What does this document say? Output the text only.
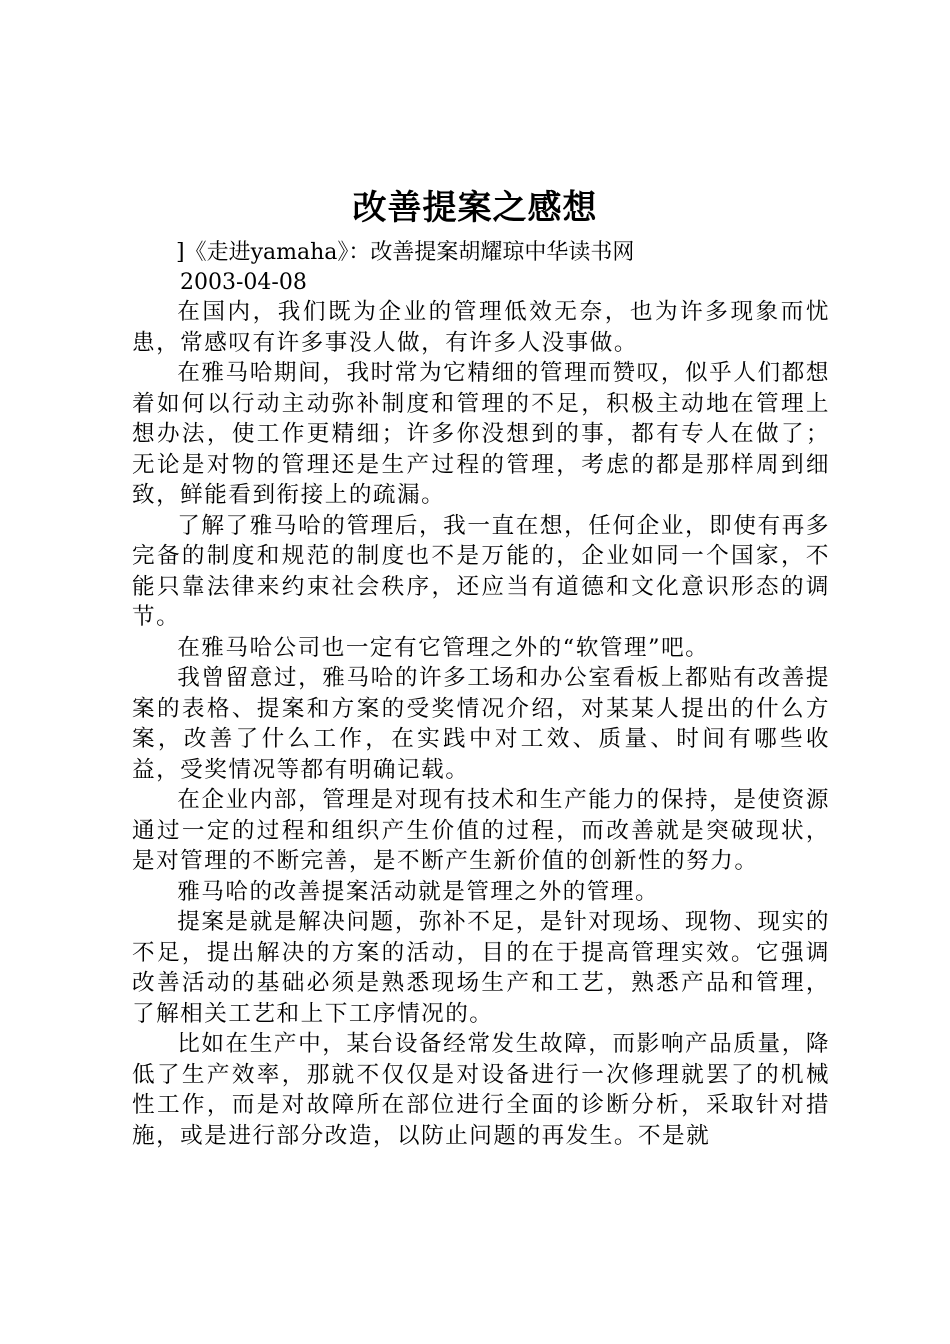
改善提案之感想
]《走进yamaha》：改善提案胡耀琼中华读书网
2003-04-08

在国内，我们既为企业的管理低效无奈，也为许多现象而忧患，常感叹有许多事没人做，有许多人没事做。

在雅马哈期间，我时常为它精细的管理而赞叹，似乎人们都想着如何以行动主动弥补制度和管理的不足，积极主动地在管理上想办法，使工作更精细；许多你没想到的事，都有专人在做了；无论是对物的管理还是生产过程的管理，考虑的都是那样周到细致，鲜能看到衔接上的疏漏。

了解了雅马哈的管理后，我一直在想，任何企业，即使有再多完备的制度和规范的制度也不是万能的，企业如同一个国家，不能只靠法律来约束社会秩序，还应当有道德和文化意识形态的调节。

在雅马哈公司也一定有它管理之外的“软管理”吧。

我曾留意过，雅马哈的许多工场和办公室看板上都贴有改善提案的表格、提案和方案的受奖情况介绍，对某某人提出的什么方案，改善了什么工作，在实践中对工效、质量、时间有哪些收益，受奖情况等都有明确记载。

在企业内部，管理是对现有技术和生产能力的保持，是使资源通过一定的过程和组织产生价值的过程，而改善就是突破现状，是对管理的不断完善，是不断产生新价值的创新性的努力。

雅马哈的改善提案活动就是管理之外的管理。

提案是就是解决问题，弥补不足，是针对现场、现物、现实的不足，提出解决的方案的活动，目的在于提高管理实效。它强调改善活动的基础必须是熟悉现场生产和工艺，熟悉产品和管理，了解相关工艺和上下工序情况的。

比如在生产中，某台设备经常发生故障，而影响产品质量，降低了生产效率，那就不仅仅是对设备进行一次修理就罢了的机械性工作，而是对故障所在部位进行全面的诊断分析，采取针对措施，或是进行部分改造，以防止问题的再发生。不是就
